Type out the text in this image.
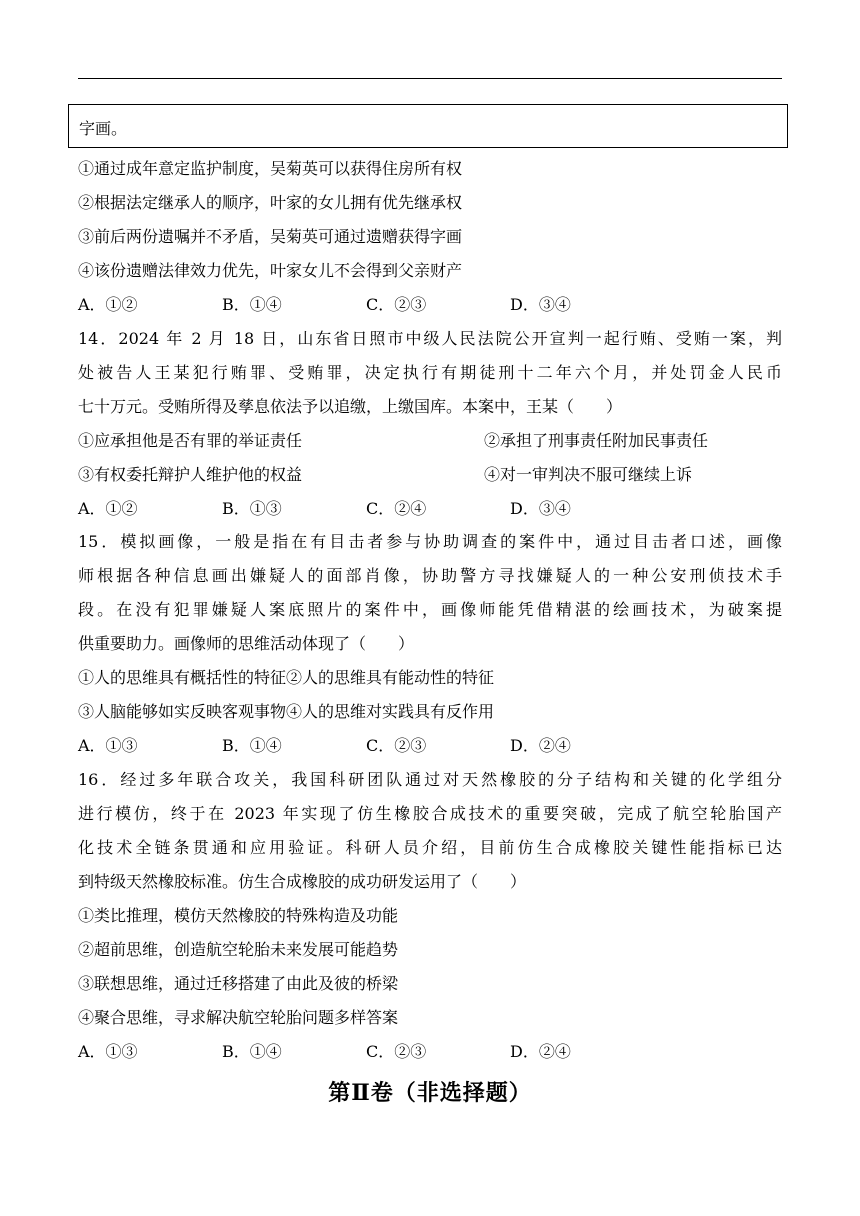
字画。
①通过成年意定监护制度，吴菊英可以获得住房所有权
②根据法定继承人的顺序，叶家的女儿拥有优先继承权
③前后两份遗嘱并不矛盾，吴菊英可通过遗赠获得字画
④该份遗赠法律效力优先，叶家女儿不会得到父亲财产
A．①②	B．①④	C．②③	D．③④
14．2024 年 2 月 18 日，山东省日照市中级人民法院公开宣判一起行贿、受贿一案，判
处被告人王某犯行贿罪、受贿罪，决定执行有期徒刑十二年六个月，并处罚金人民币
七十万元。受贿所得及孳息依法予以追缴，上缴国库。本案中，王某（　　）
①应承担他是否有罪的举证责任	②承担了刑事责任附加民事责任
③有权委托辩护人维护他的权益	④对一审判决不服可继续上诉
A．①②	B．①③	C．②④	D．③④
15．模拟画像，一般是指在有目击者参与协助调查的案件中，通过目击者口述，画像
师根据各种信息画出嫌疑人的面部肖像，协助警方寻找嫌疑人的一种公安刑侦技术手
段。在没有犯罪嫌疑人案底照片的案件中，画像师能凭借精湛的绘画技术，为破案提
供重要助力。画像师的思维活动体现了（　　）
①人的思维具有概括性的特征②人的思维具有能动性的特征
③人脑能够如实反映客观事物④人的思维对实践具有反作用
A．①③	B．①④	C．②③	D．②④
16．经过多年联合攻关，我国科研团队通过对天然橡胶的分子结构和关键的化学组分
进行模仿，终于在 2023 年实现了仿生橡胶合成技术的重要突破，完成了航空轮胎国产
化技术全链条贯通和应用验证。科研人员介绍，目前仿生合成橡胶关键性能指标已达
到特级天然橡胶标准。仿生合成橡胶的成功研发运用了（　　）
①类比推理，模仿天然橡胶的特殊构造及功能
②超前思维，创造航空轮胎未来发展可能趋势
③联想思维，通过迁移搭建了由此及彼的桥梁
④聚合思维，寻求解决航空轮胎问题多样答案
A．①③	B．①④	C．②③	D．②④
第Ⅱ卷（非选择题）
